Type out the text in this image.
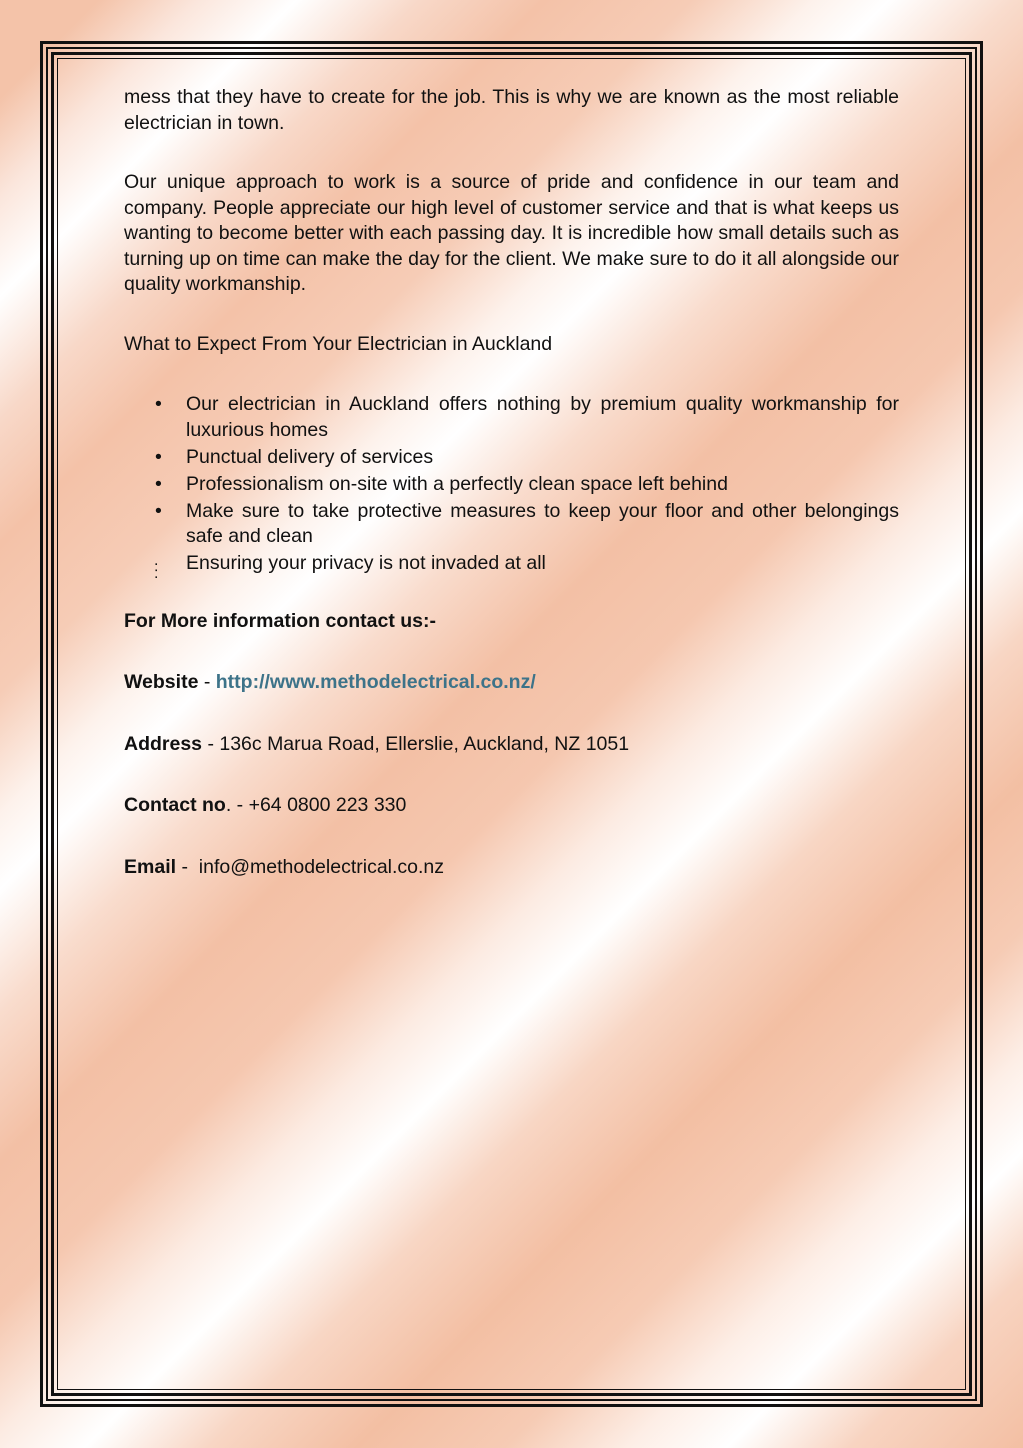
mess that they have to create for the job. This is why we are known as the most reliable electrician in town.

Our unique approach to work is a source of pride and confidence in our team and company. People appreciate our high level of customer service and that is what keeps us wanting to become better with each passing day. It is incredible how small details such as turning up on time can make the day for the client. We make sure to do it all alongside our quality workmanship.

What to Expect From Your Electrician in Auckland

• Our electrician in Auckland offers nothing by premium quality workmanship for luxurious homes
• Punctual delivery of services
• Professionalism on-site with a perfectly clean space left behind
• Make sure to take protective measures to keep your floor and other belongings safe and clean
. : Ensuring your privacy is not invaded at all

For More information contact us:-

Website - http://www.methodelectrical.co.nz/

Address - 136c Marua Road, Ellerslie, Auckland, NZ 1051

Contact no. - +64 0800 223 330

Email -  info@methodelectrical.co.nz
